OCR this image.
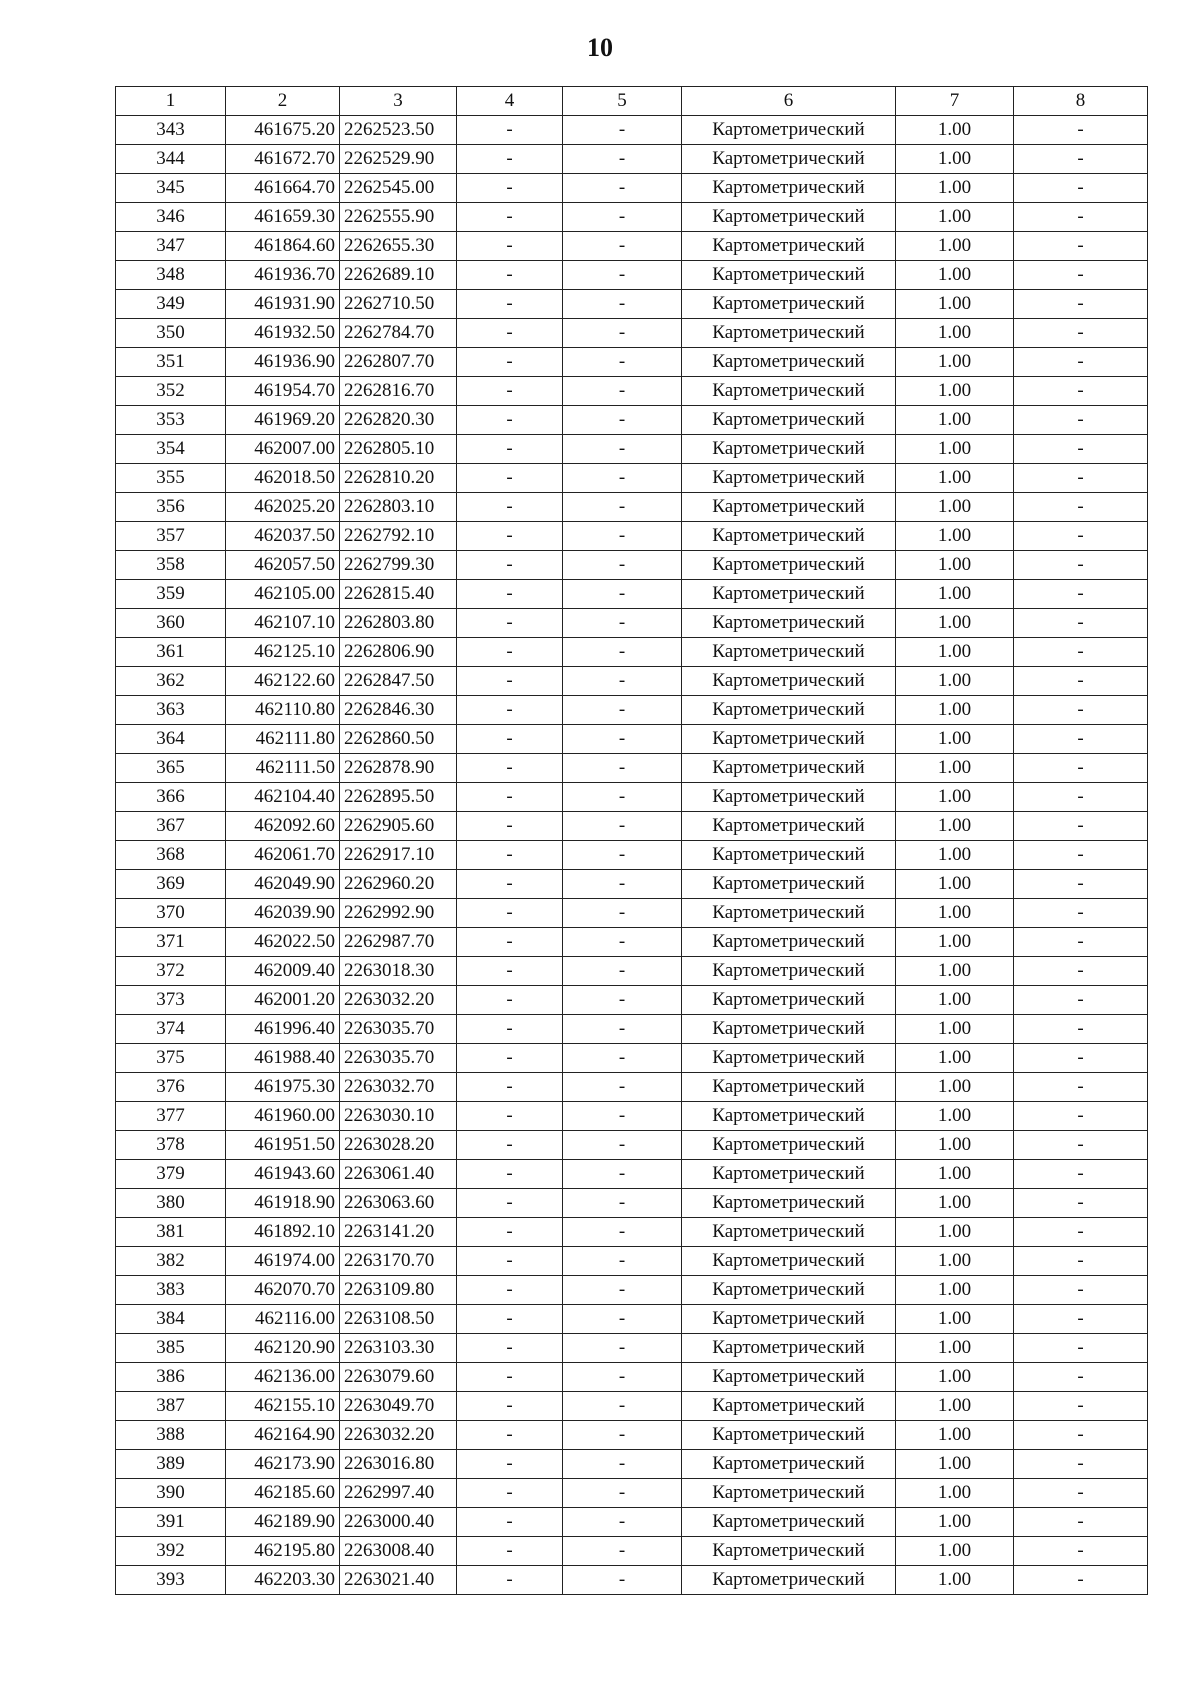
10
1	2	3	4	5	6	7	8
343	461675.20	2262523.50	-	-	Картометрический	1.00	-
344	461672.70	2262529.90	-	-	Картометрический	1.00	-
345	461664.70	2262545.00	-	-	Картометрический	1.00	-
346	461659.30	2262555.90	-	-	Картометрический	1.00	-
347	461864.60	2262655.30	-	-	Картометрический	1.00	-
348	461936.70	2262689.10	-	-	Картометрический	1.00	-
349	461931.90	2262710.50	-	-	Картометрический	1.00	-
350	461932.50	2262784.70	-	-	Картометрический	1.00	-
351	461936.90	2262807.70	-	-	Картометрический	1.00	-
352	461954.70	2262816.70	-	-	Картометрический	1.00	-
353	461969.20	2262820.30	-	-	Картометрический	1.00	-
354	462007.00	2262805.10	-	-	Картометрический	1.00	-
355	462018.50	2262810.20	-	-	Картометрический	1.00	-
356	462025.20	2262803.10	-	-	Картометрический	1.00	-
357	462037.50	2262792.10	-	-	Картометрический	1.00	-
358	462057.50	2262799.30	-	-	Картометрический	1.00	-
359	462105.00	2262815.40	-	-	Картометрический	1.00	-
360	462107.10	2262803.80	-	-	Картометрический	1.00	-
361	462125.10	2262806.90	-	-	Картометрический	1.00	-
362	462122.60	2262847.50	-	-	Картометрический	1.00	-
363	462110.80	2262846.30	-	-	Картометрический	1.00	-
364	462111.80	2262860.50	-	-	Картометрический	1.00	-
365	462111.50	2262878.90	-	-	Картометрический	1.00	-
366	462104.40	2262895.50	-	-	Картометрический	1.00	-
367	462092.60	2262905.60	-	-	Картометрический	1.00	-
368	462061.70	2262917.10	-	-	Картометрический	1.00	-
369	462049.90	2262960.20	-	-	Картометрический	1.00	-
370	462039.90	2262992.90	-	-	Картометрический	1.00	-
371	462022.50	2262987.70	-	-	Картометрический	1.00	-
372	462009.40	2263018.30	-	-	Картометрический	1.00	-
373	462001.20	2263032.20	-	-	Картометрический	1.00	-
374	461996.40	2263035.70	-	-	Картометрический	1.00	-
375	461988.40	2263035.70	-	-	Картометрический	1.00	-
376	461975.30	2263032.70	-	-	Картометрический	1.00	-
377	461960.00	2263030.10	-	-	Картометрический	1.00	-
378	461951.50	2263028.20	-	-	Картометрический	1.00	-
379	461943.60	2263061.40	-	-	Картометрический	1.00	-
380	461918.90	2263063.60	-	-	Картометрический	1.00	-
381	461892.10	2263141.20	-	-	Картометрический	1.00	-
382	461974.00	2263170.70	-	-	Картометрический	1.00	-
383	462070.70	2263109.80	-	-	Картометрический	1.00	-
384	462116.00	2263108.50	-	-	Картометрический	1.00	-
385	462120.90	2263103.30	-	-	Картометрический	1.00	-
386	462136.00	2263079.60	-	-	Картометрический	1.00	-
387	462155.10	2263049.70	-	-	Картометрический	1.00	-
388	462164.90	2263032.20	-	-	Картометрический	1.00	-
389	462173.90	2263016.80	-	-	Картометрический	1.00	-
390	462185.60	2262997.40	-	-	Картометрический	1.00	-
391	462189.90	2263000.40	-	-	Картометрический	1.00	-
392	462195.80	2263008.40	-	-	Картометрический	1.00	-
393	462203.30	2263021.40	-	-	Картометрический	1.00	-
